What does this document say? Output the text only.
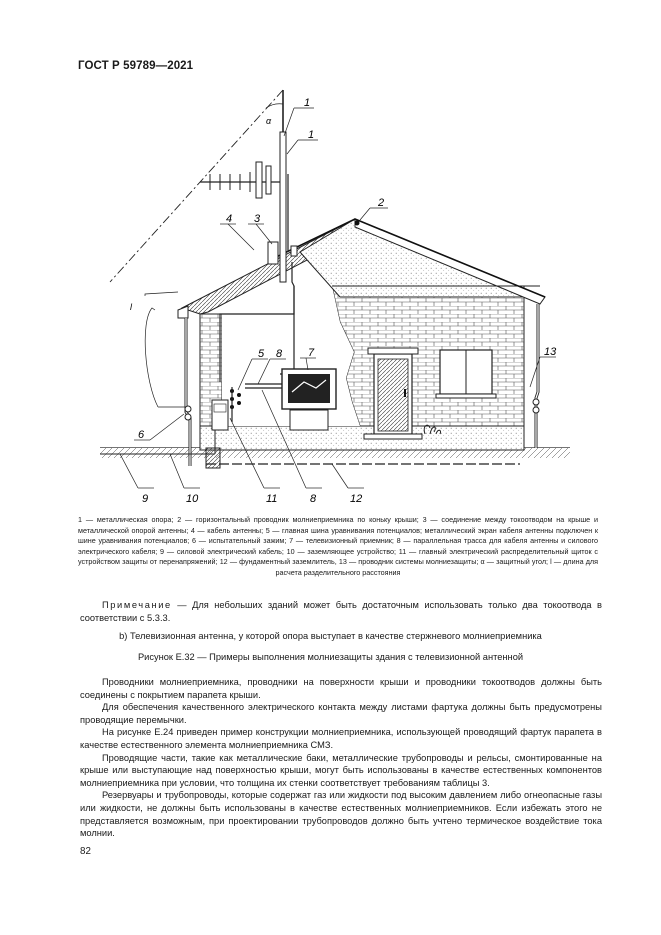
ГОСТ Р 59789—2021
α
l
1
1
2
3
4
5
6
7
8
8
9	10	11	12
13
1 — металлическая опора; 2 — горизонтальный проводник молниеприемника по коньку крыши; 3 — соединение между токоотводом на крыше и металлической опорой антенны; 4 — кабель антенны; 5 — главная шина уравнивания потенциалов; металлический экран кабеля антенны подключен к шине уравнивания потенциалов; 6 — испытательный зажим; 7 — телевизионный приемник; 8 — параллельная трасса для кабеля антенны и силового электрического кабеля; 9 — силовой электрический кабель; 10 — заземляющее устройство; 11 — главный электрический распределительный щиток с устройством защиты от перенапряжений; 12 — фундаментный заземлитель, 13 — проводник системы молниезащиты; α — защитный угол; l — длина для расчета разделительного расстояния
Примечание — Для небольших зданий может быть достаточным использовать только два токоотвода в соответствии с 5.3.3.
b) Телевизионная антенна, у которой опора выступает в качестве стержневого молниеприемника
Рисунок Е.32 — Примеры выполнения молниезащиты здания с телевизионной антенной

Проводники молниеприемника, проводники на поверхности крыши и проводники токоотводов должны быть соединены с покрытием парапета крыши.

Для обеспечения качественного электрического контакта между листами фартука должны быть предусмотрены проводящие перемычки.

На рисунке Е.24 приведен пример конструкции молниеприемника, использующей проводящий фартук парапета в качестве естественного элемента молниеприемника СМЗ.

Проводящие части, такие как металлические баки, металлические трубопроводы и рельсы, смонтированные на крыше или выступающие над поверхностью крыши, могут быть использованы в качестве естественных компонентов молниеприемника при условии, что толщина их стенки соответствует требованиям таблицы 3.

Резервуары и трубопроводы, которые содержат газ или жидкости под высоким давлением либо огнеопасные газы или жидкости, не должны быть использованы в качестве естественных молниеприемников. Если избежать этого не представляется возможным, при проектировании трубопроводов должно быть учтено термическое воздействие тока молнии.

82
